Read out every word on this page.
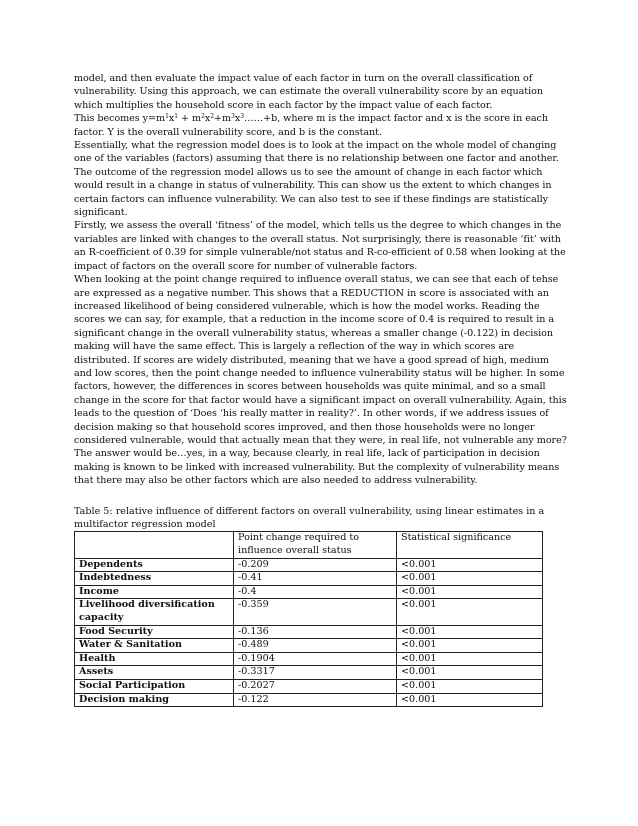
model, and then evaluate the impact value of each factor in turn on the overall classification of vulnerability. Using this approach, we can estimate the overall vulnerability score by an equation which multiplies the household score in each factor by the impact value of each factor.

This becomes $y=m^1x^1$ + $m^2x^2+m^3x^3\dots\dots+b$, where m is the impact factor and x is the score in each factor. Y is the overall vulnerability score, and b is the constant.

Essentially, what the regression model does is to look at the impact on the whole model of changing one of the variables (factors) assuming that there is no relationship between one factor and another.

The outcome of the regression model allows us to see the amount of change in each factor which would result in a change in status of vulnerability. This can show us the extent to which changes in certain factors can influence vulnerability. We can also test to see if these findings are statistically significant.

Firstly, we assess the overall ‘fitness’ of the model, which tells us the degree to which changes in the variables are linked with changes to the overall status. Not surprisingly, there is reasonable ‘fit’ with an R-coefficient of 0.39 for simple vulnerable/not status and R-co-efficient of 0.58 when looking at the impact of factors on the overall score for number of vulnerable factors.

When looking at the point change required to influence overall status, we can see that each of tehse are expressed as a negative number. This shows that a REDUCTION in score is associated with an increased likelihood of being considered vulnerable, which is how the model works. Reading the scores we can say, for example, that a reduction in the income score of 0.4 is required to result in a significant change in the overall vulnerability status, whereas a smaller change (-0.122) in decision making will have the same effect. This is largely a reflection of the way in which scores are distributed. If scores are widely distributed, meaning that we have a good spread of high, medium and low scores, then the point change needed to influence vulnerability status will be higher. In some factors, however, the differences in scores between households was quite minimal, and so a small change in the score for that factor would have a significant impact on overall vulnerability. Again, this leads to the question of ‘Does ‘his really matter in reality?’. In other words, if we address issues of decision making so that household scores improved, and then those households were no longer considered vulnerable, would that actually mean that they were, in real life, not vulnerable any more? The answer would be…yes, in a way, because clearly, in real life, lack of participation in decision making is known to be linked with increased vulnerability. But the complexity of vulnerability means that there may also be other factors which are also needed to address vulnerability.

Table 5: relative influence of different factors on overall vulnerability, using linear estimates in a multifactor regression model
	Point change required to influence overall status	Statistical significance
Dependents	-0.209	<0.001
Indebtedness	-0.41	<0.001
Income	-0.4	<0.001
Livelihood diversification capacity	-0.359	<0.001
Food Security	-0.136	<0.001
Water & Sanitation	-0.489	<0.001
Health	-0.1904	<0.001
Assets	-0.3317	<0.001
Social Participation	-0.2027	<0.001
Decision making	-0.122	<0.001
